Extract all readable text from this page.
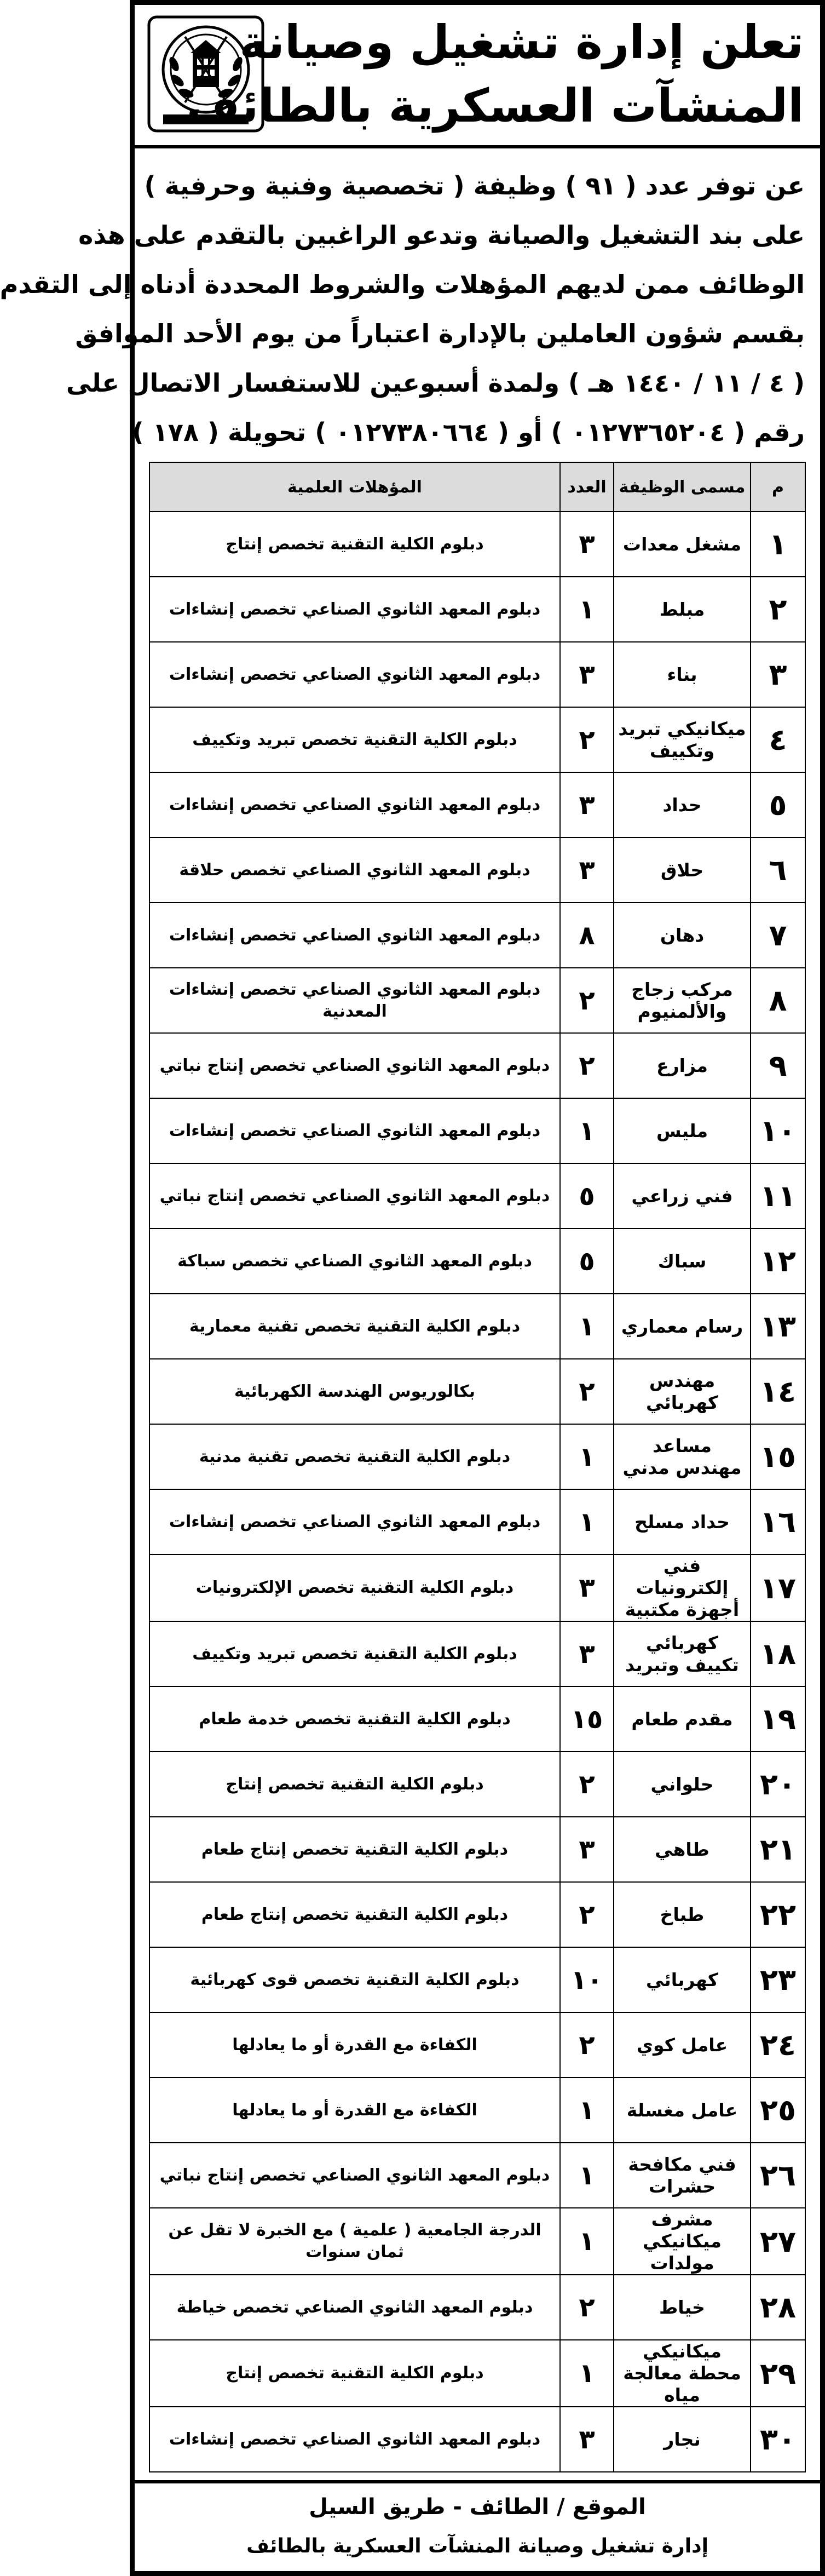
تعلن إدارة تشغيل وصيانة
المنشآت العسكرية بالطائف
عن توفر عدد ( ٩١ ) وظيفة ( تخصصية وفنية وحرفية )
على بند التشغيل والصيانة وتدعو الراغبين بالتقدم على هذه
الوظائف ممن لديهم المؤهلات والشروط المحددة أدناه إلى التقدم
بقسم شؤون العاملين بالإدارة اعتباراً من يوم الأحد الموافق
( ٤ / ١١ / ١٤٤٠ هـ ) ولمدة أسبوعين للاستفسار الاتصال على
رقم ( ٠١٢٧٣٦٥٢٠٤ ) أو ( ٠١٢٧٣٨٠٦٦٤ ) تحويلة ( ١٧٨ )
م	مسمى الوظيفة	العدد	المؤهلات العلمية
١	مشغل معدات	٣	دبلوم الكلية التقنية تخصص إنتاج
٢	مبلط	١	دبلوم المعهد الثانوي الصناعي تخصص إنشاءات
٣	بناء	٣	دبلوم المعهد الثانوي الصناعي تخصص إنشاءات
٤	ميكانيكي تبريد وتكييف	٢	دبلوم الكلية التقنية تخصص تبريد وتكييف
٥	حداد	٣	دبلوم المعهد الثانوي الصناعي تخصص إنشاءات
٦	حلاق	٣	دبلوم المعهد الثانوي الصناعي تخصص حلاقة
٧	دهان	٨	دبلوم المعهد الثانوي الصناعي تخصص إنشاءات
٨	مركب زجاج والألمنيوم	٢	دبلوم المعهد الثانوي الصناعي تخصص إنشاءات المعدنية
٩	مزارع	٢	دبلوم المعهد الثانوي الصناعي تخصص إنتاج نباتي
١٠	مليس	١	دبلوم المعهد الثانوي الصناعي تخصص إنشاءات
١١	فني زراعي	٥	دبلوم المعهد الثانوي الصناعي تخصص إنتاج نباتي
١٢	سباك	٥	دبلوم المعهد الثانوي الصناعي تخصص سباكة
١٣	رسام معماري	١	دبلوم الكلية التقنية تخصص تقنية معمارية
١٤	مهندس كهربائي	٢	بكالوريوس الهندسة الكهربائية
١٥	مساعد مهندس مدني	١	دبلوم الكلية التقنية تخصص تقنية مدنية
١٦	حداد مسلح	١	دبلوم المعهد الثانوي الصناعي تخصص إنشاءات
١٧	فني إلكترونيات أجهزة مكتبية	٣	دبلوم الكلية التقنية تخصص الإلكترونيات
١٨	كهربائي تكييف وتبريد	٣	دبلوم الكلية التقنية تخصص تبريد وتكييف
١٩	مقدم طعام	١٥	دبلوم الكلية التقنية تخصص خدمة طعام
٢٠	حلواني	٢	دبلوم الكلية التقنية تخصص إنتاج
٢١	طاهي	٣	دبلوم الكلية التقنية تخصص إنتاج طعام
٢٢	طباخ	٢	دبلوم الكلية التقنية تخصص إنتاج طعام
٢٣	كهربائي	١٠	دبلوم الكلية التقنية تخصص قوى كهربائية
٢٤	عامل كوي	٢	الكفاءة مع القدرة أو ما يعادلها
٢٥	عامل مغسلة	١	الكفاءة مع القدرة أو ما يعادلها
٢٦	فني مكافحة حشرات	١	دبلوم المعهد الثانوي الصناعي تخصص إنتاج نباتي
٢٧	مشرف ميكانيكي مولدات	١	الدرجة الجامعية ( علمية ) مع الخبرة لا تقل عن ثمان سنوات
٢٨	خياط	٢	دبلوم المعهد الثانوي الصناعي تخصص خياطة
٢٩	ميكانيكي محطة معالجة مياه	١	دبلوم الكلية التقنية تخصص إنتاج
٣٠	نجار	٣	دبلوم المعهد الثانوي الصناعي تخصص إنشاءات
الموقع / الطائف - طريق السيل
إدارة تشغيل وصيانة المنشآت العسكرية بالطائف
